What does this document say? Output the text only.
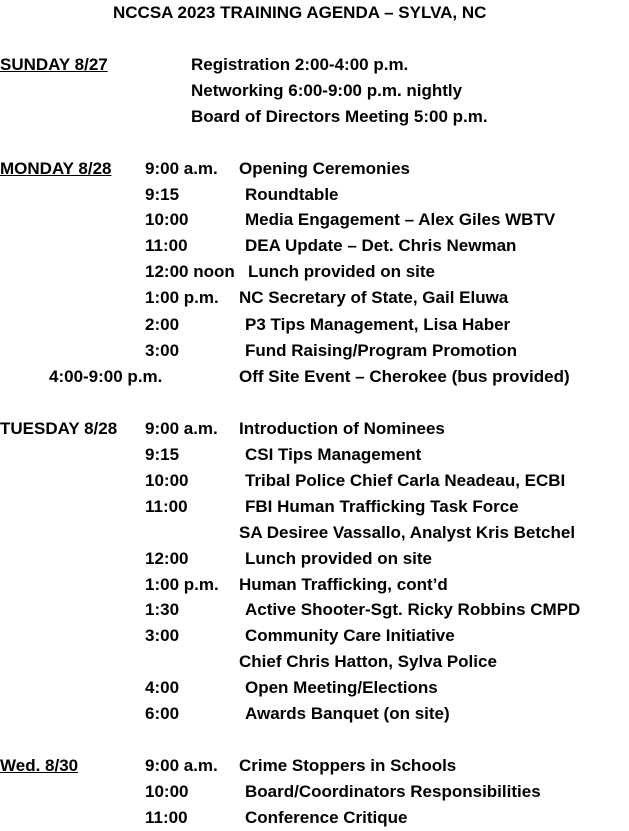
NCCSA 2023 TRAINING AGENDA – SYLVA, NC
SUNDAY 8/27	Registration 2:00-4:00 p.m.
Networking 6:00-9:00 p.m. nightly
Board of Directors Meeting 5:00 p.m.
MONDAY 8/28 9:00 a.m. Opening Ceremonies
9:15	Roundtable
10:00	Media Engagement – Alex Giles WBTV
11:00	DEA Update – Det. Chris Newman
12:00 noon Lunch provided on site
1:00 p.m. NC Secretary of State, Gail Eluwa
2:00	P3 Tips Management, Lisa Haber
3:00	Fund Raising/Program Promotion
4:00-9:00 p.m.	Off Site Event – Cherokee (bus provided)
TUESDAY 8/28 9:00 a.m. Introduction of Nominees
9:15	CSI Tips Management
10:00	Tribal Police Chief Carla Neadeau, ECBI
11:00	FBI Human Trafficking Task Force
SA Desiree Vassallo, Analyst Kris Betchel
12:00	Lunch provided on site
1:00 p.m. Human Trafficking, cont’d
1:30	Active Shooter-Sgt. Ricky Robbins CMPD
3:00	Community Care Initiative
Chief Chris Hatton, Sylva Police
4:00	Open Meeting/Elections
6:00	Awards Banquet (on site)
Wed. 8/30	9:00 a.m. Crime Stoppers in Schools
10:00	Board/Coordinators Responsibilities
11:00	Conference Critique
